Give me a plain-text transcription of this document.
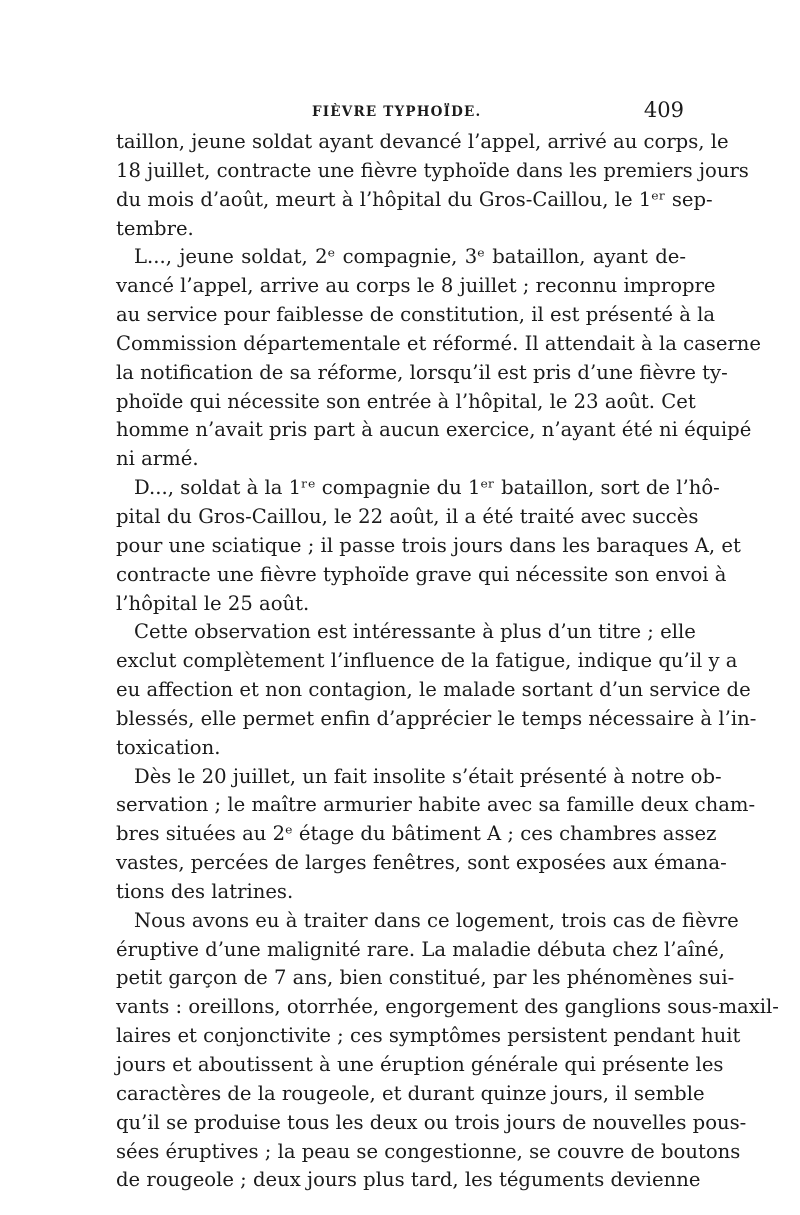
FIÈVRE TYPHOÏDE.	409
taillon, jeune soldat ayant devancé l’appel, arrivé au corps, le
18 juillet, contracte une fièvre typhoïde dans les premiers jours
du mois d’août, meurt à l’hôpital du Gros-Caillou, le 1ᵉʳ sep-
tembre.
L..., jeune soldat, 2ᵉ compagnie, 3ᵉ bataillon, ayant de-
vancé l’appel, arrive au corps le 8 juillet ; reconnu impropre
au service pour faiblesse de constitution, il est présenté à la
Commission départementale et réformé. Il attendait à la caserne
la notification de sa réforme, lorsqu’il est pris d’une fièvre ty-
phoïde qui nécessite son entrée à l’hôpital, le 23 août. Cet
homme n’avait pris part à aucun exercice, n’ayant été ni équipé
ni armé.
D..., soldat à la 1ʳᵉ compagnie du 1ᵉʳ bataillon, sort de l’hô-
pital du Gros-Caillou, le 22 août, il a été traité avec succès
pour une sciatique ; il passe trois jours dans les baraques A, et
contracte une fièvre typhoïde grave qui nécessite son envoi à
l’hôpital le 25 août.
Cette observation est intéressante à plus d’un titre ; elle
exclut complètement l’influence de la fatigue, indique qu’il y a
eu affection et non contagion, le malade sortant d’un service de
blessés, elle permet enfin d’apprécier le temps nécessaire à l’in-
toxication.
Dès le 20 juillet, un fait insolite s’était présenté à notre ob-
servation ; le maître armurier habite avec sa famille deux cham-
bres situées au 2ᵉ étage du bâtiment A ; ces chambres assez
vastes, percées de larges fenêtres, sont exposées aux émana-
tions des latrines.
Nous avons eu à traiter dans ce logement, trois cas de fièvre
éruptive d’une malignité rare. La maladie débuta chez l’aîné,
petit garçon de 7 ans, bien constitué, par les phénomènes sui-
vants : oreillons, otorrhée, engorgement des ganglions sous-maxil-
laires et conjonctivite ; ces symptômes persistent pendant huit
jours et aboutissent à une éruption générale qui présente les
caractères de la rougeole, et durant quinze jours, il semble
qu’il se produise tous les deux ou trois jours de nouvelles pous-
sées éruptives ; la peau se congestionne, se couvre de boutons
de rougeole ; deux jours plus tard, les téguments devienne
